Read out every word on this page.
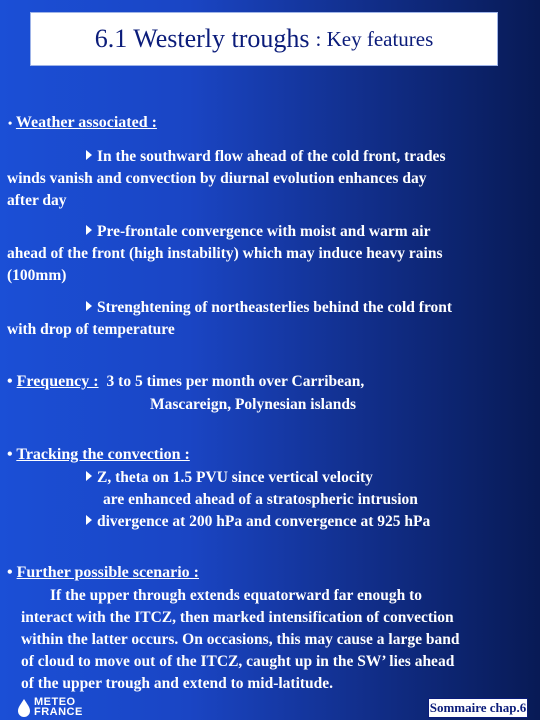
6.1 Westerly troughs : Key features
• Weather associated :
In the southward flow ahead of the cold front, trades
winds vanish and convection by diurnal evolution enhances day
after day
Pre-frontale convergence with moist and warm air
ahead of the front (high instability) which may induce heavy rains
(100mm)
Strenghtening of northeasterlies behind the cold front
with drop of temperature
• Frequency : 3 to 5 times per month over Carribean,
Mascareign, Polynesian islands
• Tracking the convection :
Z, theta on 1.5 PVU since vertical velocity
are enhanced ahead of a stratospheric intrusion
divergence at 200 hPa and convergence at 925 hPa
• Further possible scenario :
If the upper through extends equatorward far enough to
interact with the ITCZ, then marked intensification of convection
within the latter occurs. On occasions, this may cause a large band
of cloud to move out of the ITCZ, caught up in the SW’ lies ahead
of the upper trough and extend to mid-latitude.
METEO
FRANCE	Sommaire chap.6
